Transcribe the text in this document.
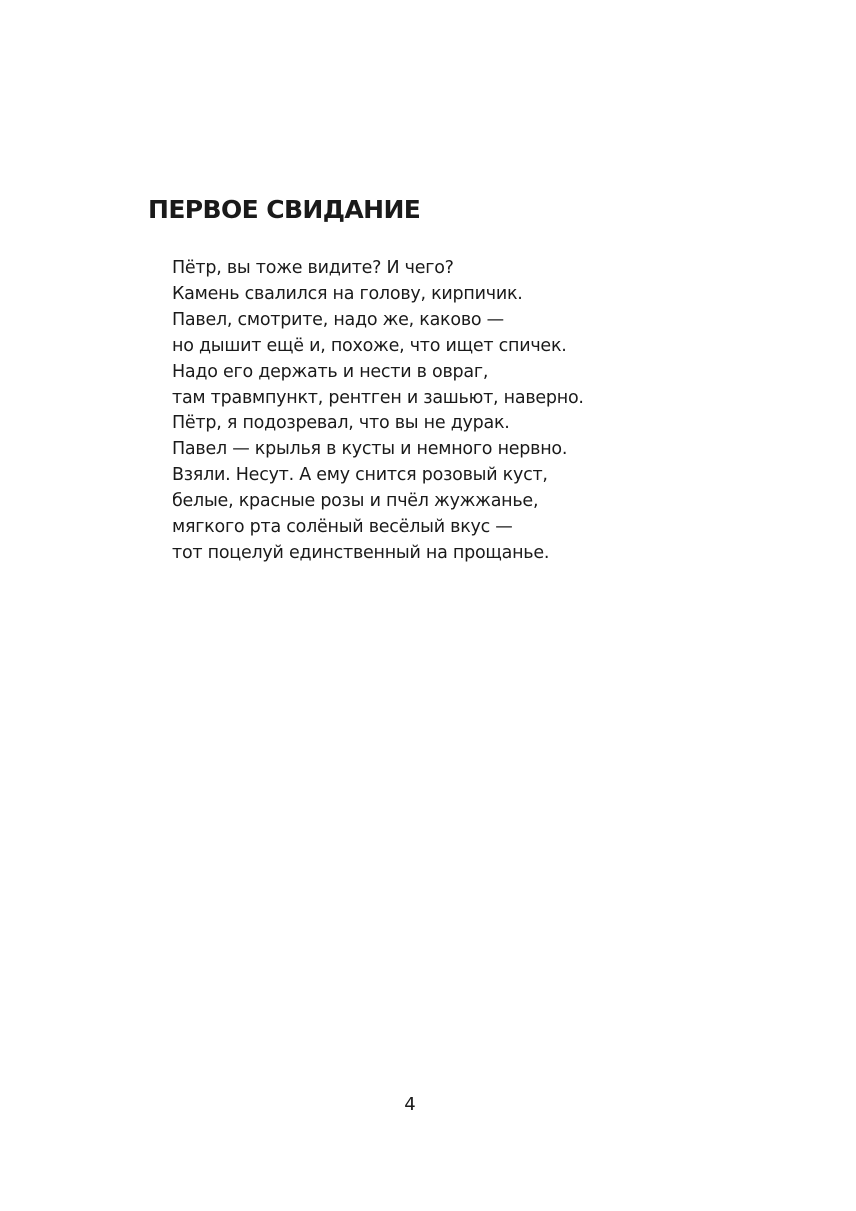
ПЕРВОЕ СВИДАНИЕ
Пётр, вы тоже видите? И чего?
Камень свалился на голову, кирпичик.
Павел, смотрите, надо же, каково —
но дышит ещё и, похоже, что ищет спичек.
Надо его держать и нести в овраг,
там травмпункт, рентген и зашьют, наверно.
Пётр, я подозревал, что вы не дурак.
Павел — крылья в кусты и немного нервно.
Взяли. Несут. А ему снится розовый куст,
белые, красные розы и пчёл жужжанье,
мягкого рта солёный весёлый вкус —
тот поцелуй единственный на прощанье.
4
